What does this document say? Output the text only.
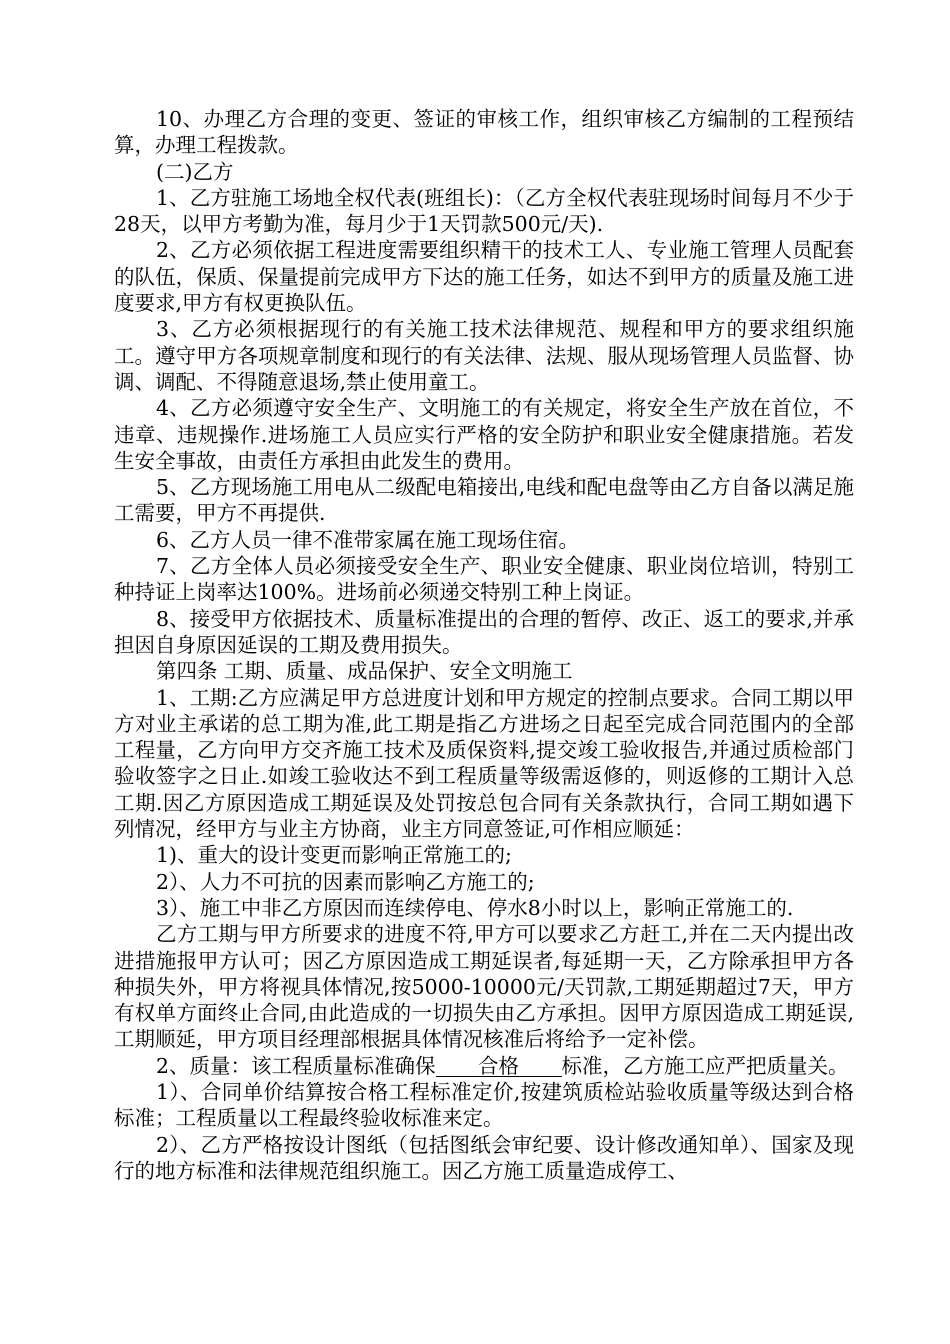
10、办理乙方合理的变更、签证的审核工作，组织审核乙方编制的工程预结算，办理工程拨款。

(二)乙方

1、乙方驻施工场地全权代表(班组长)：（乙方全权代表驻现场时间每月不少于28天，以甲方考勤为准，每月少于1天罚款500元/天).

2、乙方必须依据工程进度需要组织精干的技术工人、专业施工管理人员配套的队伍，保质、保量提前完成甲方下达的施工任务，如达不到甲方的质量及施工进度要求,甲方有权更换队伍。

3、乙方必须根据现行的有关施工技术法律规范、规程和甲方的要求组织施工。遵守甲方各项规章制度和现行的有关法律、法规、服从现场管理人员监督、协调、调配、不得随意退场,禁止使用童工。

4、乙方必须遵守安全生产、文明施工的有关规定，将安全生产放在首位，不违章、违规操作.进场施工人员应实行严格的安全防护和职业安全健康措施。若发生安全事故，由责任方承担由此发生的费用。

5、乙方现场施工用电从二级配电箱接出,电线和配电盘等由乙方自备以满足施工需要，甲方不再提供.

6、乙方人员一律不准带家属在施工现场住宿。

7、乙方全体人员必须接受安全生产、职业安全健康、职业岗位培训，特别工种持证上岗率达100%。进场前必须递交特别工种上岗证。

8、接受甲方依据技术、质量标准提出的合理的暂停、改正、返工的要求,并承担因自身原因延误的工期及费用损失。

第四条 工期、质量、成品保护、安全文明施工

1、工期:乙方应满足甲方总进度计划和甲方规定的控制点要求。合同工期以甲方对业主承诺的总工期为准,此工期是指乙方进场之日起至完成合同范围内的全部工程量，乙方向甲方交齐施工技术及质保资料,提交竣工验收报告,并通过质检部门验收签字之日止.如竣工验收达不到工程质量等级需返修的，则返修的工期计入总工期.因乙方原因造成工期延误及处罚按总包合同有关条款执行，合同工期如遇下列情况，经甲方与业主方协商，业主方同意签证,可作相应顺延：

1)、重大的设计变更而影响正常施工的;

2）、人力不可抗的因素而影响乙方施工的;

3）、施工中非乙方原因而连续停电、停水8小时以上，影响正常施工的.

乙方工期与甲方所要求的进度不符,甲方可以要求乙方赶工,并在二天内提出改进措施报甲方认可；因乙方原因造成工期延误者,每延期一天，乙方除承担甲方各种损失外，甲方将视具体情况,按5000-10000元/天罚款,工期延期超过7天，甲方有权单方面终止合同,由此造成的一切损失由乙方承担。因甲方原因造成工期延误,工期顺延，甲方项目经理部根据具体情况核准后将给予一定补偿。

2、质量：该工程质量标准确保 合格 标准，乙方施工应严把质量关。

1）、合同单价结算按合格工程标准定价,按建筑质检站验收质量等级达到合格标准；工程质量以工程最终验收标准来定。

2）、乙方严格按设计图纸（包括图纸会审纪要、设计修改通知单）、国家及现行的地方标准和法律规范组织施工。因乙方施工质量造成停工、
